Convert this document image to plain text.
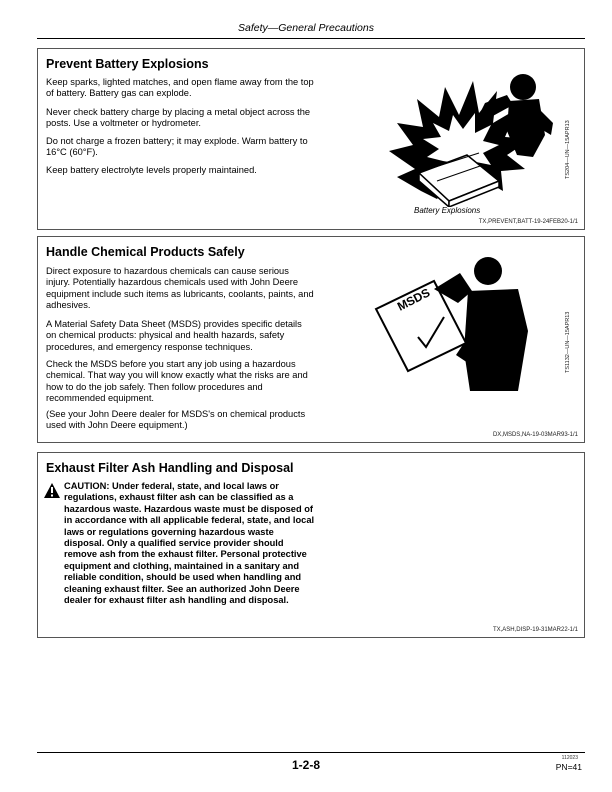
Safety—General Precautions
Prevent Battery Explosions

Keep sparks, lighted matches, and open flame away from the top of battery. Battery gas can explode.

Never check battery charge by placing a metal object across the posts. Use a voltmeter or hydrometer.

Do not charge a frozen battery; it may explode. Warm battery to 16°C (60°F).

Keep battery electrolyte levels properly maintained.	TS204—UN—15APR13
Battery Explosions
TX,PREVENT,BATT-19-24FEB20-1/1
Handle Chemical Products Safely

Direct exposure to hazardous chemicals can cause serious injury. Potentially hazardous chemicals used with John Deere equipment include such items as lubricants, coolants, paints, and adhesives.

A Material Safety Data Sheet (MSDS) provides specific details on chemical products: physical and health hazards, safety procedures, and emergency response techniques.

Check the MSDS before you start any job using a hazardous chemical. That way you will know exactly what the risks are and how to do the job safely. Then follow procedures and recommended equipment.

(See your John Deere dealer for MSDS's on chemical products used with John Deere equipment.)

MSDS
TS1132—UN—15APR13
DX,MSDS,NA-19-03MAR93-1/1
Exhaust Filter Ash Handling and Disposal

CAUTION: Under federal, state, and local laws or regulations, exhaust filter ash can be classified as a hazardous waste. Hazardous waste must be disposed of in accordance with all applicable federal, state, and local laws or regulations governing hazardous waste disposal. Only a qualified service provider should remove ash from the exhaust filter. Personal protective equipment and clothing, maintained in a sanitary and reliable condition, should be used when handling and cleaning exhaust filter. See an authorized John Deere dealer for exhaust filter ash handling and disposal.

TX,ASH,DISP-19-31MAR22-1/1
1-2-8	112023
PN=41
